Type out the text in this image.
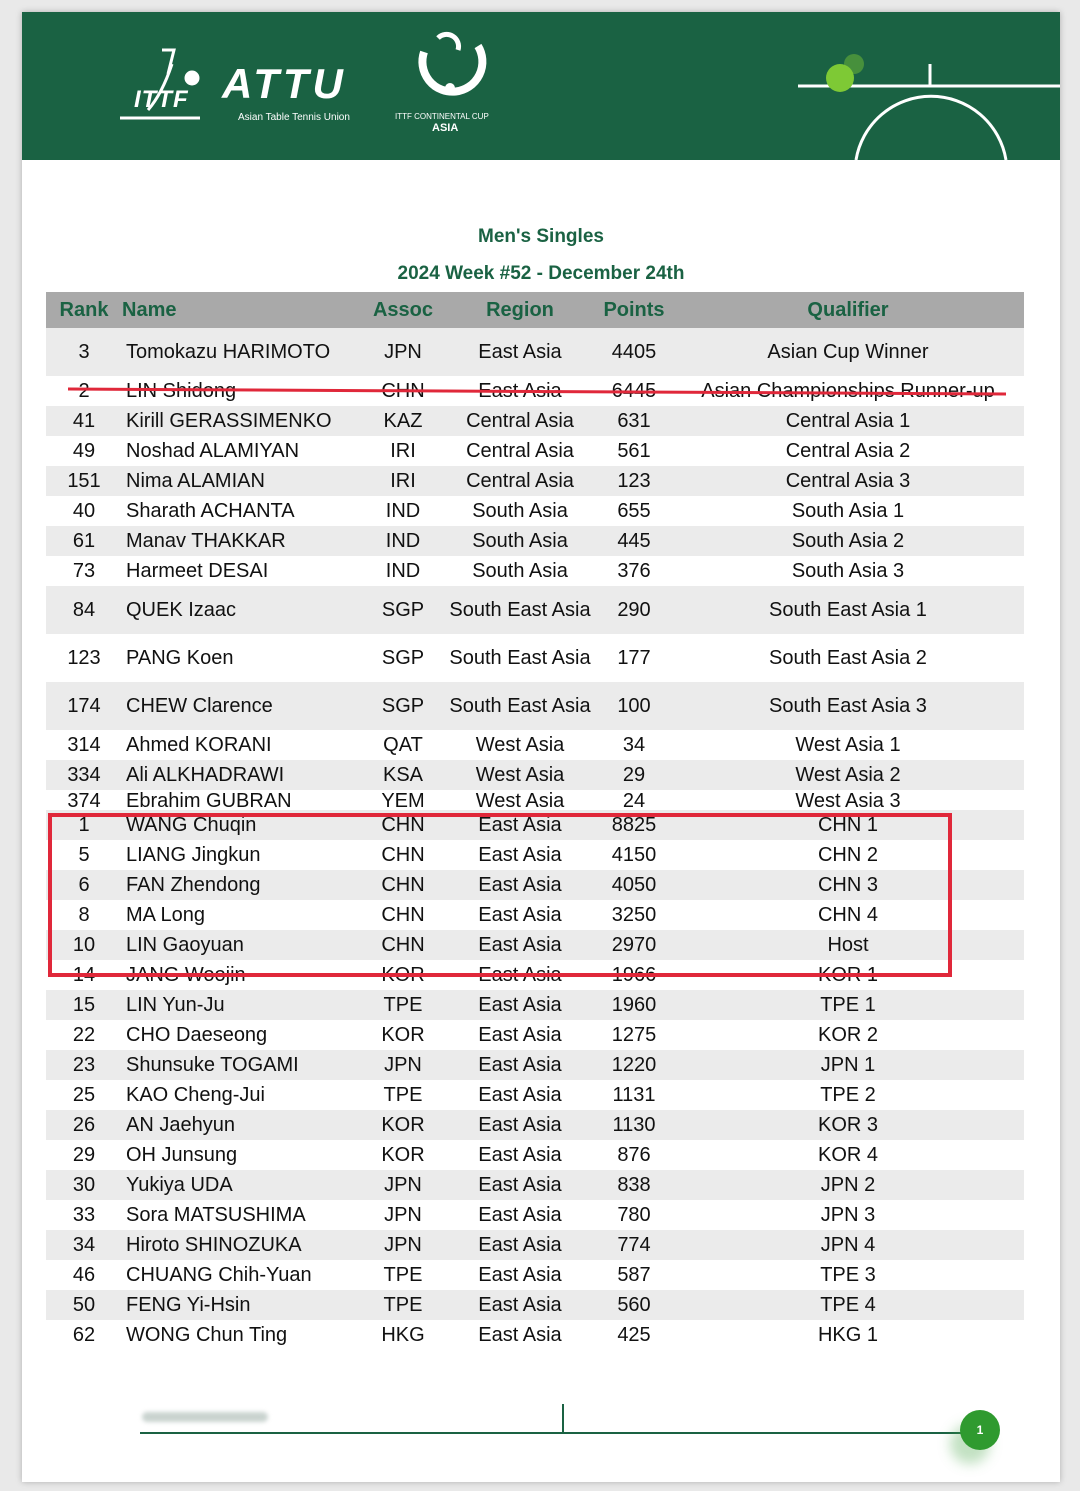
ITTF ATTU
Asian Table Tennis Union	ITTF CONTINENTAL CUP
ASIA
Men's Singles
2024 Week #52 - December 24th
Rank	Name	Assoc	Region	Points	Qualifier
3	Tomokazu HARIMOTO	JPN	East Asia	4405	Asian Cup Winner
2	LIN Shidong	CHN	East Asia	6445	Asian Championships Runner-up
41	Kirill GERASSIMENKO	KAZ	Central Asia	631	Central Asia 1
49	Noshad ALAMIYAN	IRI	Central Asia	561	Central Asia 2
151	Nima ALAMIAN	IRI	Central Asia	123	Central Asia 3
40	Sharath ACHANTA	IND	South Asia	655	South Asia 1
61	Manav THAKKAR	IND	South Asia	445	South Asia 2
73	Harmeet DESAI	IND	South Asia	376	South Asia 3
84	QUEK Izaac	SGP	South East Asia	290	South East Asia 1
123	PANG Koen	SGP	South East Asia	177	South East Asia 2
174	CHEW Clarence	SGP	South East Asia	100	South East Asia 3
314	Ahmed KORANI	QAT	West Asia	34	West Asia 1
334	Ali ALKHADRAWI	KSA	West Asia	29	West Asia 2

374	Ebrahim GUBRAN	YEM	West Asia	24	West Asia 3

1	WANG Chuqin	CHN	East Asia	8825	CHN 1
5	LIANG Jingkun	CHN	East Asia	4150	CHN 2
6	FAN Zhendong	CHN	East Asia	4050	CHN 3
8	MA Long	CHN	East Asia	3250	CHN 4
10	LIN Gaoyuan	CHN	East Asia	2970	Host
14	JANG Woojin	KOR	East Asia	1966	KOR 1
15	LIN Yun-Ju	TPE	East Asia	1960	TPE 1
22	CHO Daeseong	KOR	East Asia	1275	KOR 2
23	Shunsuke TOGAMI	JPN	East Asia	1220	JPN 1
25	KAO Cheng-Jui	TPE	East Asia	1131	TPE 2
26	AN Jaehyun	KOR	East Asia	1130	KOR 3
29	OH Junsung	KOR	East Asia	876	KOR 4
30	Yukiya UDA	JPN	East Asia	838	JPN 2
33	Sora MATSUSHIMA	JPN	East Asia	780	JPN 3
34	Hiroto SHINOZUKA	JPN	East Asia	774	JPN 4
46	CHUANG Chih-Yuan	TPE	East Asia	587	TPE 3
50	FENG Yi-Hsin	TPE	East Asia	560	TPE 4
62	WONG Chun Ting	HKG	East Asia	425	HKG 1
1
